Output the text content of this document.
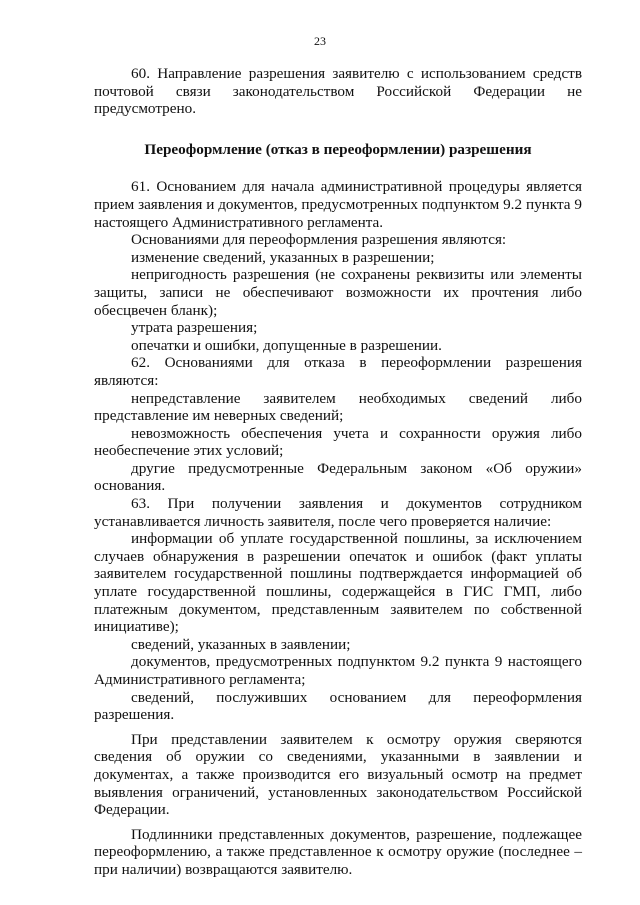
23

60. Направление разрешения заявителю с использованием средств почтовой связи законодательством Российской Федерации не предусмотрено.

Переоформление (отказ в переоформлении) разрешения

61. Основанием для начала административной процедуры является прием заявления и документов, предусмотренных подпунктом 9.2 пункта 9 настоящего Административного регламента.

Основаниями для переоформления разрешения являются:

изменение сведений, указанных в разрешении;

непригодность разрешения (не сохранены реквизиты или элементы защиты, записи не обеспечивают возможности их прочтения либо обесцвечен бланк);

утрата разрешения;

опечатки и ошибки, допущенные в разрешении.

62. Основаниями для отказа в переоформлении разрешения являются:

непредставление заявителем необходимых сведений либо представление им неверных сведений;

невозможность обеспечения учета и сохранности оружия либо необеспечение этих условий;

другие предусмотренные Федеральным законом «Об оружии» основания.

63. При получении заявления и документов сотрудником устанавливается личность заявителя, после чего проверяется наличие:

информации об уплате государственной пошлины, за исключением случаев обнаружения в разрешении опечаток и ошибок (факт уплаты заявителем государственной пошлины подтверждается информацией об уплате государственной пошлины, содержащейся в ГИС ГМП, либо платежным документом, представленным заявителем по собственной инициативе);

сведений, указанных в заявлении;

документов, предусмотренных подпунктом 9.2 пункта 9 настоящего Административного регламента;

сведений, послуживших основанием для переоформления разрешения.

При представлении заявителем к осмотру оружия сверяются сведения об оружии со сведениями, указанными в заявлении и документах, а также производится его визуальный осмотр на предмет выявления ограничений, установленных законодательством Российской Федерации.

Подлинники представленных документов, разрешение, подлежащее переоформлению, а также представленное к осмотру оружие (последнее – при наличии) возвращаются заявителю.
